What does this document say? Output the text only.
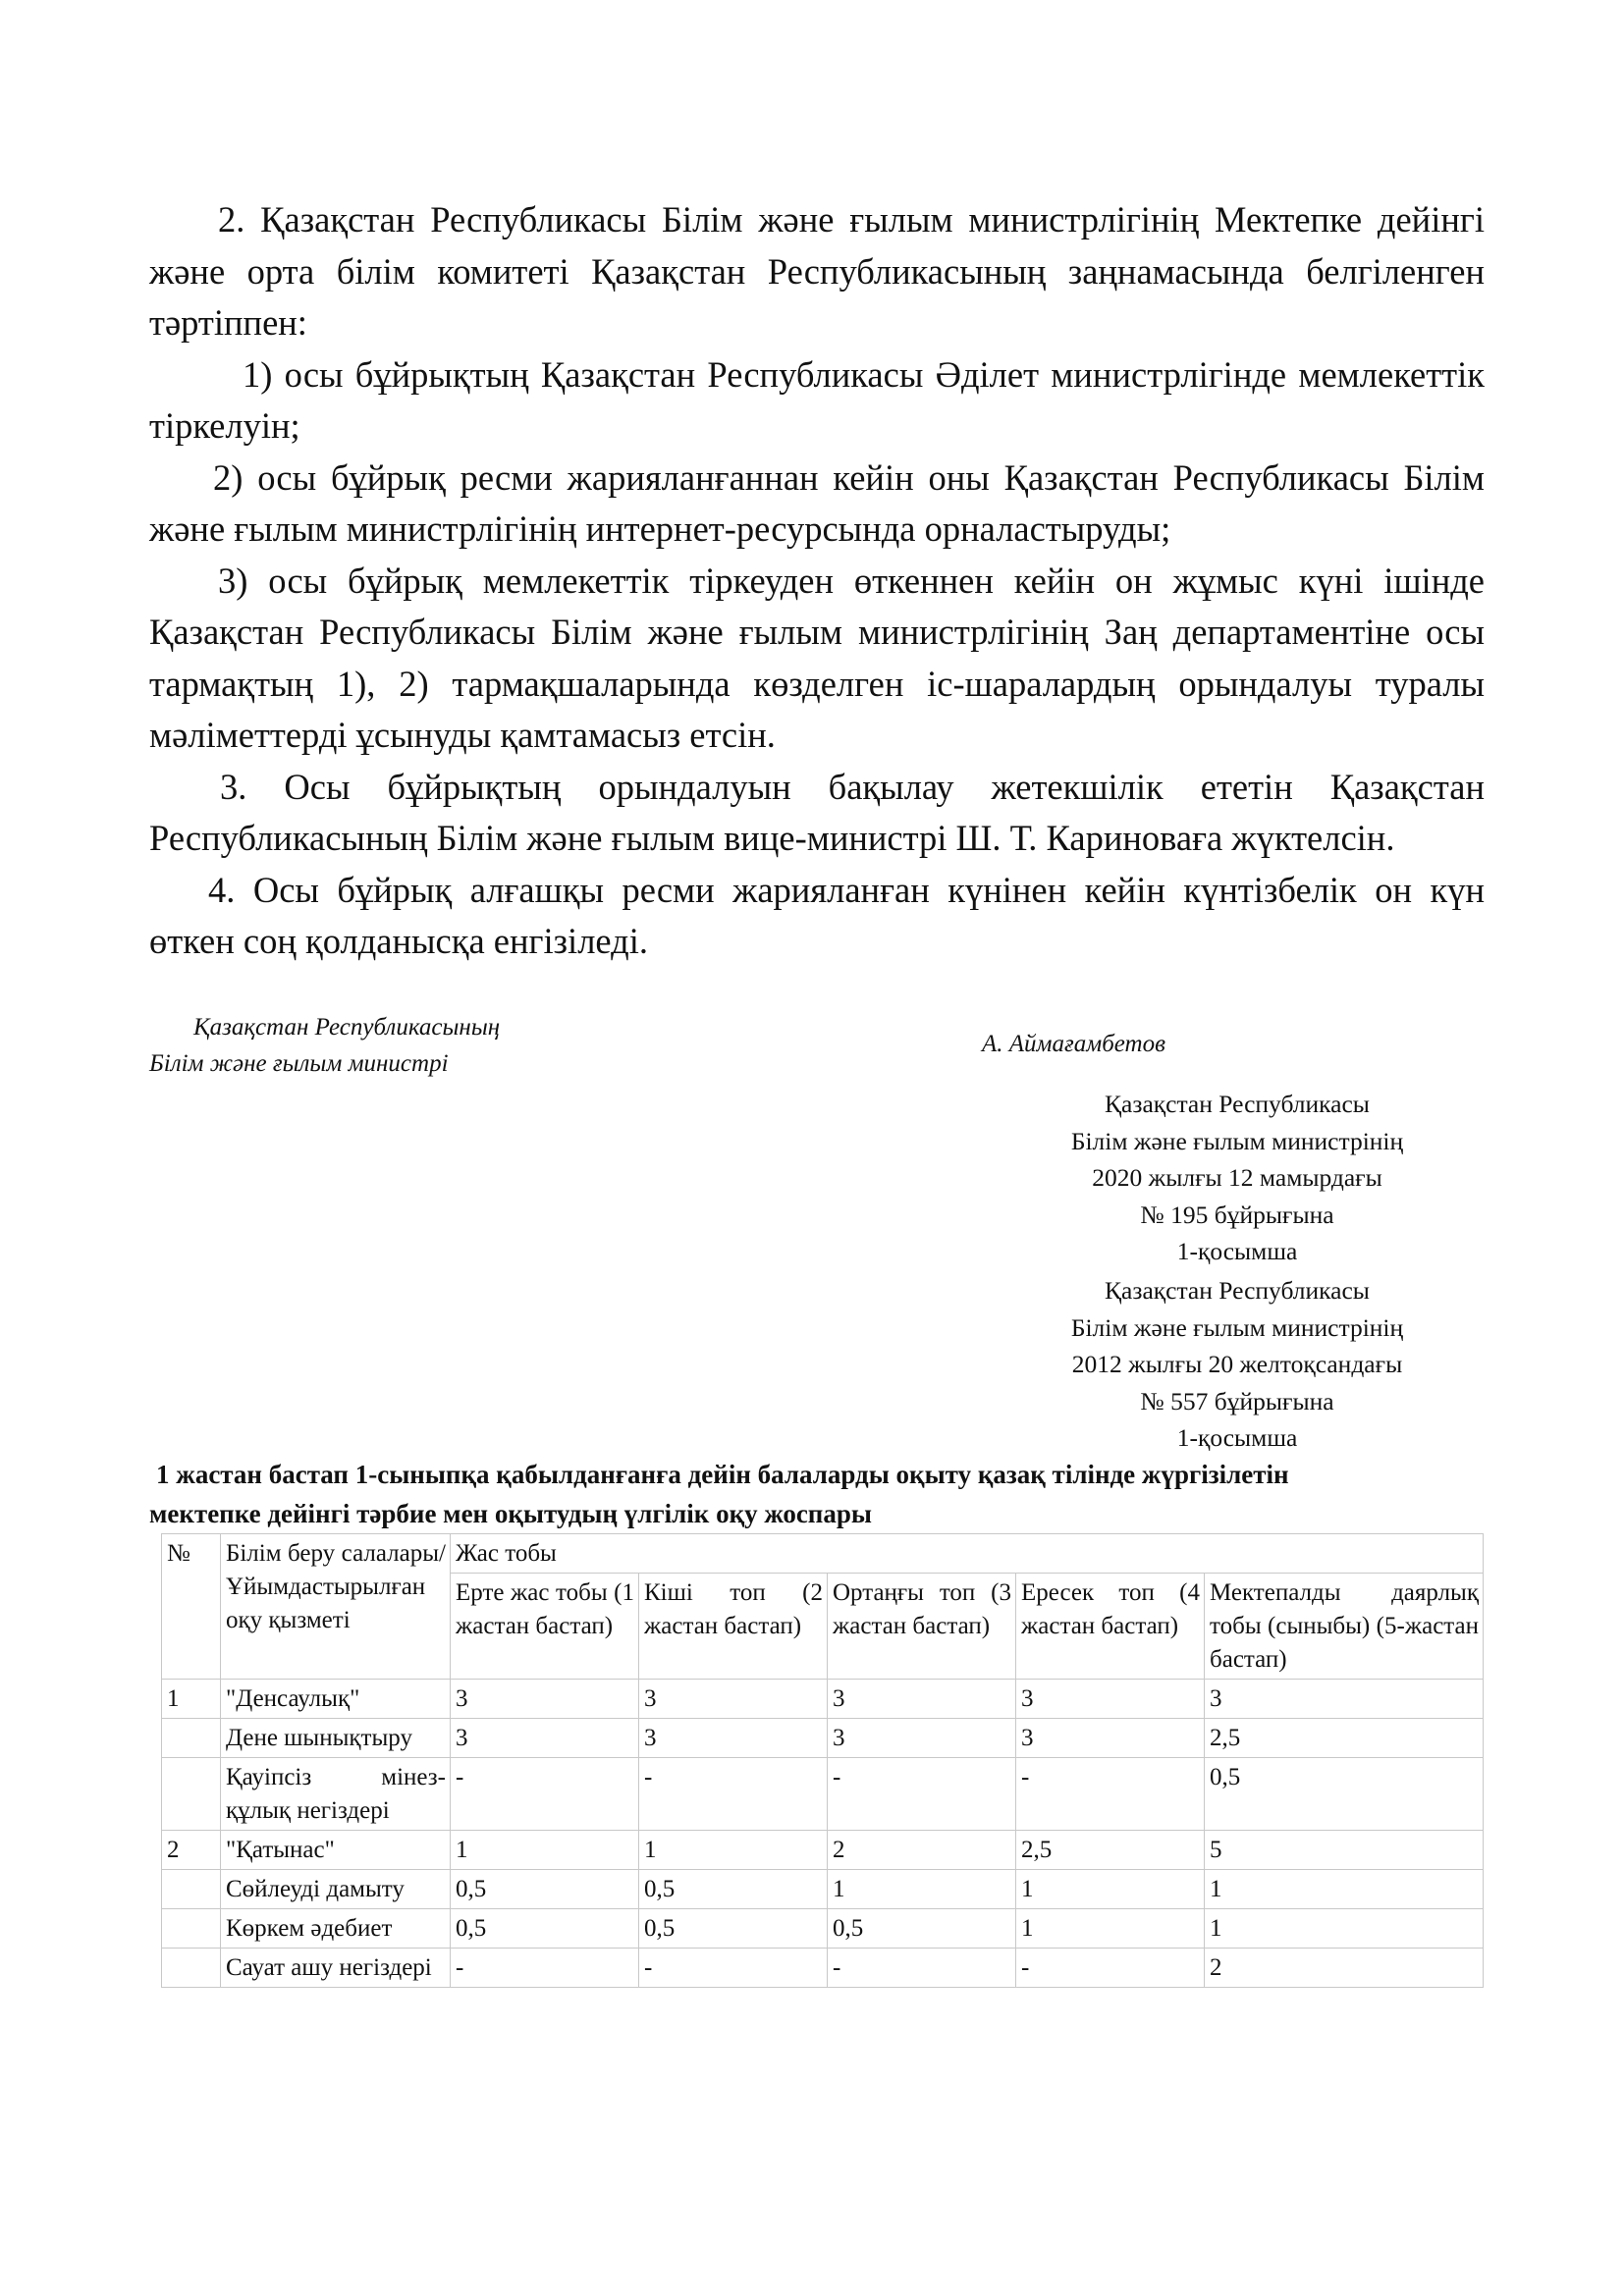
2. Қазақстан Республикасы Білім және ғылым министрлігінің Мектепке дейінгі және орта білім комитеті Қазақстан Республикасының заңнамасында белгіленген тәртіппен:

1) осы бұйрықтың Қазақстан Республикасы Әділет министрлігінде мемлекеттік тіркелуін;

2) осы бұйрық ресми жарияланғаннан кейін оны Қазақстан Республикасы Білім және ғылым министрлігінің интернет-ресурсында орналастыруды;

3) осы бұйрық мемлекеттік тіркеуден өткеннен кейін он жұмыс күні ішінде Қазақстан Республикасы Білім және ғылым министрлігінің Заң департаментіне осы тармақтың 1), 2) тармақшаларында көзделген іс-шаралардың орындалуы туралы мәліметтерді ұсынуды қамтамасыз етсін.

3. Осы бұйрықтың орындалуын бақылау жетекшілік ететін Қазақстан Республикасының Білім және ғылым вице-министрі Ш. Т. Кариноваға жүктелсін.

4. Осы бұйрық алғашқы ресми жарияланған күнінен кейін күнтізбелік он күн өткен соң қолданысқа енгізіледі.

Қазақстан Республикасының
Білім және ғылым министрі
А. Аймағамбетов
Қазақстан Республикасы
Білім және ғылым министрінің
2020 жылғы 12 мамырдағы
№ 195 бұйрығына
1-қосымша
Қазақстан Республикасы
Білім және ғылым министрінің
2012 жылғы 20 желтоқсандағы
№ 557 бұйрығына
1-қосымша
1 жастан бастап 1-сыныпқа қабылданғанға дейін балаларды оқыту қазақ тілінде жүргізілетін
мектепке дейінгі тәрбие мен оқытудың үлгілік оқу жоспары
№	Білім беру салалары/ Ұйымдастырылған оқу қызметі	Жас тобы				
		Ерте жас тобы (1 жастан бастап)	Кіші топ (2 жастан бастап)	Ортаңғы топ (3 жастан бастап)	Ересек топ (4 жастан бастап)	Мектепалды даярлық тобы (сыныбы) (5-жастан бастап)
1	"Денсаулық"	3	3	3	3	3
	Дене шынықтыру	3	3	3	3	2,5
	Қауіпсіз мінез-құлық негіздері	-	-	-	-	0,5
2	"Қатынас"	1	1	2	2,5	5
	Сөйлеуді дамыту	0,5	0,5	1	1	1
	Көркем әдебиет	0,5	0,5	0,5	1	1
	Сауат ашу негіздері	-	-	-	-	2
